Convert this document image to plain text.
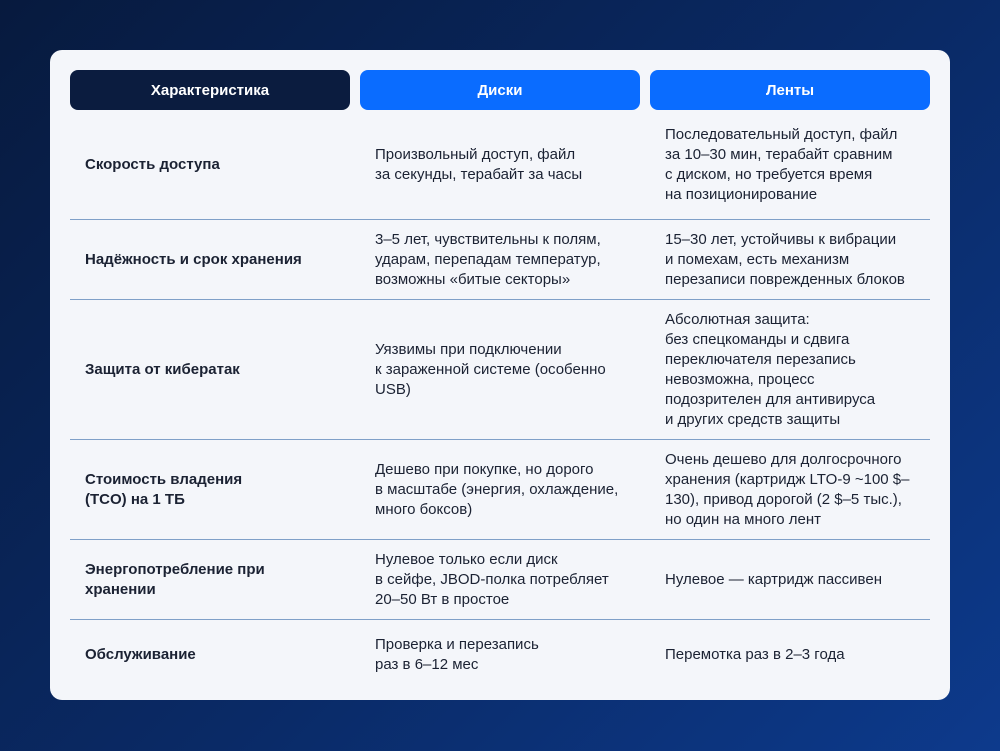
Характеристика	Диски	Ленты
Скорость доступа
Произвольный доступ, файл
за секунды, терабайт за часы
Последовательный доступ, файл
за 10–30 мин, терабайт сравним
с диском, но требуется время
на позиционирование
Надёжность и срок хранения
3–5 лет, чувствительны к полям,
ударам, перепадам температур,
возможны «битые секторы»
15–30 лет, устойчивы к вибрации
и помехам, есть механизм
перезаписи поврежденных блоков
Защита от кибератак
Уязвимы при подключении
к зараженной системе (особенно
USB)
Абсолютная защита:
без спецкоманды и сдвига
переключателя перезапись
невозможна, процесс
подозрителен для антивируса
и других средств защиты
Стоимость владения
(TCO) на 1 ТБ
Дешево при покупке, но дорого
в масштабе (энергия, охлаждение,
много боксов)
Очень дешево для долгосрочного
хранения (картридж LTO-9 ~100 $–
130), привод дорогой (2 $–5 тыс.),
но один на много лент
Энергопотребление при
хранении
Нулевое только если диск
в сейфе, JBOD-полка потребляет
20–50 Вт в простое
Нулевое — картридж пассивен
Обслуживание
Проверка и перезапись
раз в 6–12 мес
Перемотка раз в 2–3 года
